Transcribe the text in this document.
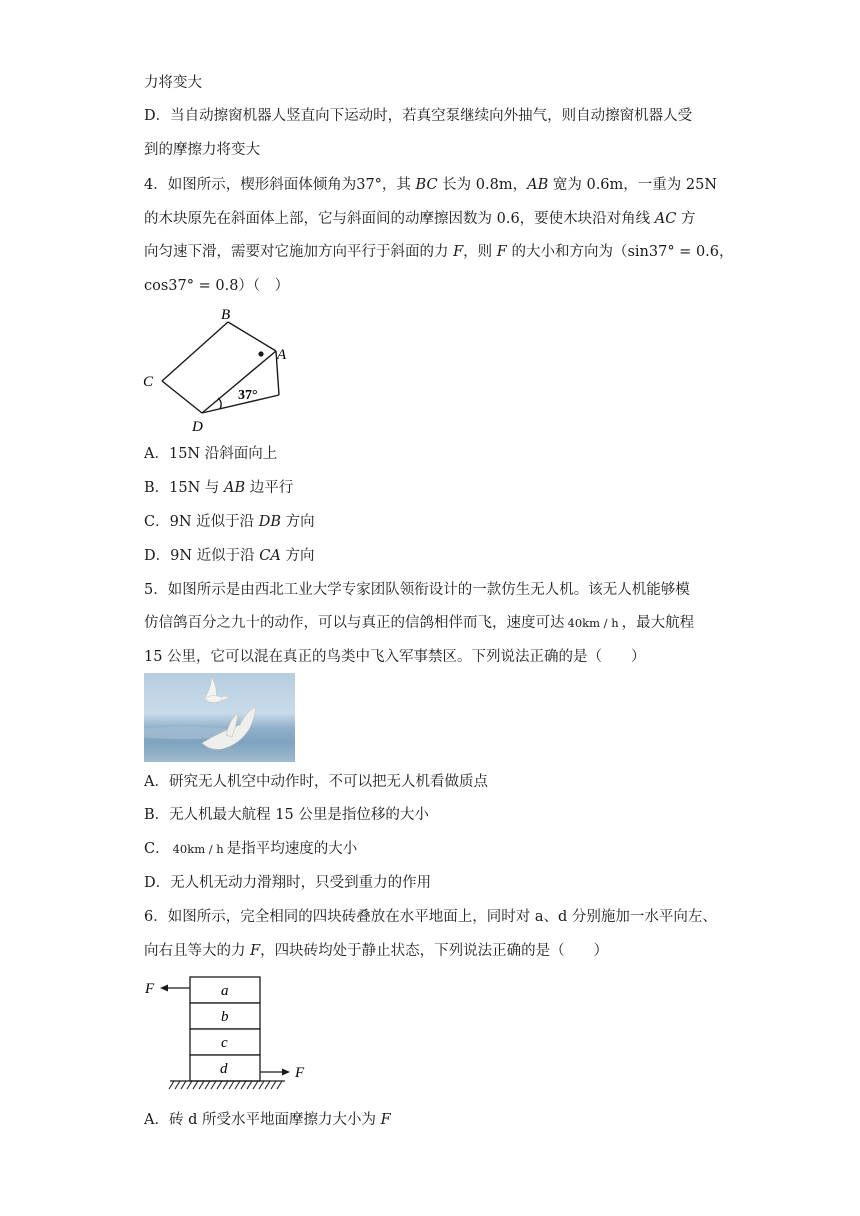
力将变大
D．当自动擦窗机器人竖直向下运动时，若真空泵继续向外抽气，则自动擦窗机器人受
到的摩擦力将变大
4．如图所示，楔形斜面体倾角为37°，其 BC 长为 0.8m，AB 宽为 0.6m，一重为 25N
的木块原先在斜面体上部，它与斜面间的动摩擦因数为 0.6，要使木块沿对角线 AC 方
向匀速下滑，需要对它施加方向平行于斜面的力 F，则 F 的大小和方向为（sin37° = 0.6，
cos37° = 0.8）（　）
B
A
C
D
37°
A．15N 沿斜面向上
B．15N 与 AB 边平行
C．9N 近似于沿 DB 方向
D．9N 近似于沿 CA 方向
5．如图所示是由西北工业大学专家团队领衔设计的一款仿生无人机。该无人机能够模
仿信鸽百分之九十的动作，可以与真正的信鸽相伴而飞，速度可达 40km / h ，最大航程
15 公里，它可以混在真正的鸟类中飞入军事禁区。下列说法正确的是（　　）
A．研究无人机空中动作时，不可以把无人机看做质点
B．无人机最大航程 15 公里是指位移的大小
C． 40km / h 是指平均速度的大小
D．无人机无动力滑翔时，只受到重力的作用
6．如图所示，完全相同的四块砖叠放在水平地面上，同时对 a、d 分别施加一水平向左、
向右且等大的力 F，四块砖均处于静止状态，下列说法正确的是（　　）
F
F
a
b
c
d
A．砖 d 所受水平地面摩擦力大小为 F
